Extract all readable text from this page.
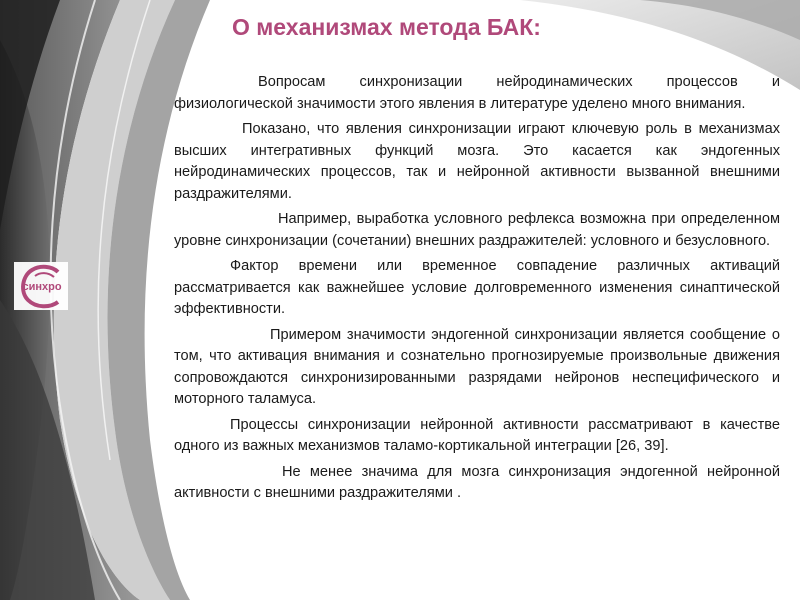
О механизмах метода БАК:
синхро

Вопросам синхронизации нейродинамических процессов и физиологической значимости этого явления в литературе уделено много внимания.

Показано, что явления синхронизации играют ключевую роль в механизмах высших интегративных функций мозга. Это касается как эндогенных нейродинамических процессов, так и нейронной активности вызванной внешними раздражителями.

Например, выработка условного рефлекса возможна при определенном уровне синхронизации (сочетании) внешних раздражителей: условного и безусловного.

Фактор времени или временное совпадение различных активаций рассматривается как важнейшее условие долговременного изменения синаптической эффективности.

Примером значимости эндогенной синхронизации является сообщение о том, что активация внимания и сознательно прогнозируемые произвольные движения сопровождаются синхронизированными разрядами нейронов неспецифического и моторного таламуса.

Процессы синхронизации нейронной активности рассматривают в качестве одного из важных механизмов таламо-кортикальной интеграции [26, 39].

Не менее значима для мозга синхронизация эндогенной нейронной активности с внешними раздражителями .
